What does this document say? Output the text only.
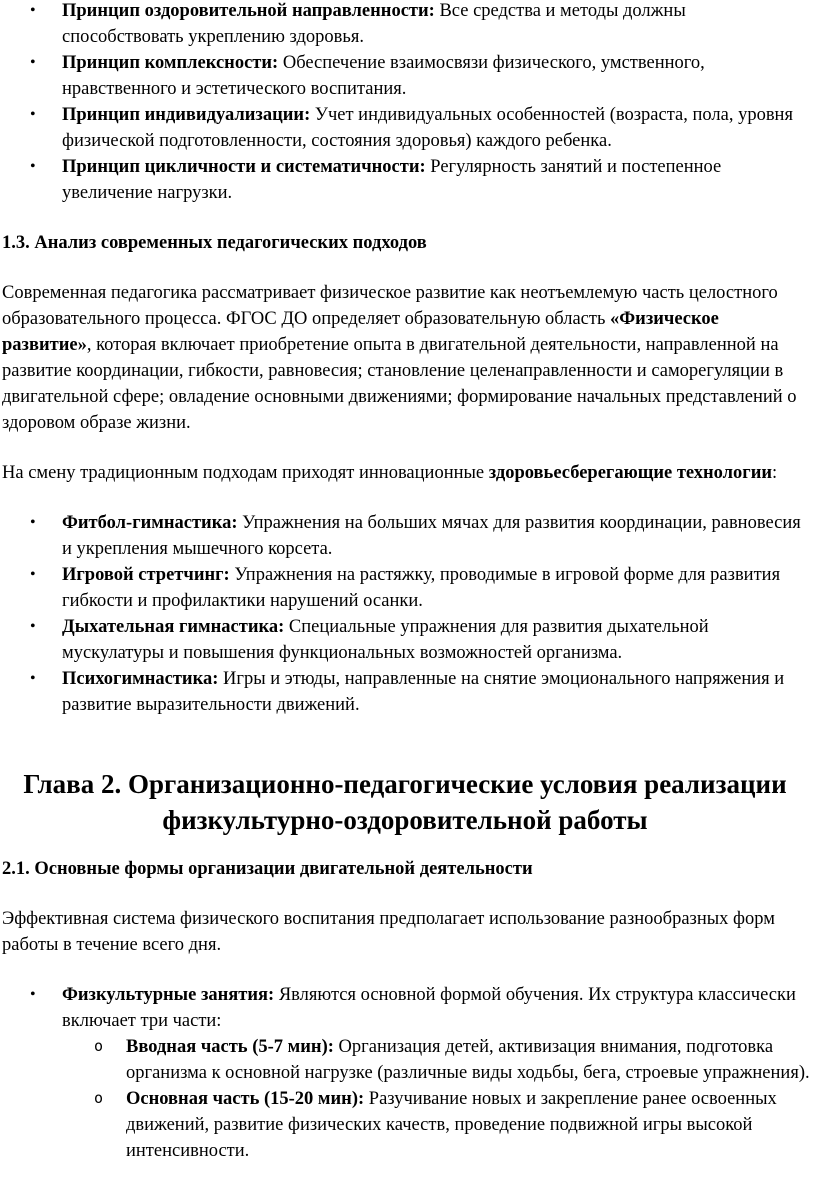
• Принцип оздоровительной направленности: Все средства и методы должны способствовать укреплению здоровья.
• Принцип комплексности: Обеспечение взаимосвязи физического, умственного, нравственного и эстетического воспитания.
• Принцип индивидуализации: Учет индивидуальных особенностей (возраста, пола, уровня физической подготовленности, состояния здоровья) каждого ребенка.
• Принцип цикличности и систематичности: Регулярность занятий и постепенное увеличение нагрузки.
1.3. Анализ современных педагогических подходов

Современная педагогика рассматривает физическое развитие как неотъемлемую часть целостного образовательного процесса. ФГОС ДО определяет образовательную область «Физическое развитие», которая включает приобретение опыта в двигательной деятельности, направленной на развитие координации, гибкости, равновесия; становление целенаправленности и саморегуляции в двигательной сфере; овладение основными движениями; формирование начальных представлений о здоровом образе жизни.

На смену традиционным подходам приходят инновационные здоровьесберегающие технологии:

• Фитбол-гимнастика: Упражнения на больших мячах для развития координации, равновесия и укрепления мышечного корсета.
• Игровой стретчинг: Упражнения на растяжку, проводимые в игровой форме для развития гибкости и профилактики нарушений осанки.
• Дыхательная гимнастика: Специальные упражнения для развития дыхательной мускулатуры и повышения функциональных возможностей организма.
• Психогимнастика: Игры и этюды, направленные на снятие эмоционального напряжения и развитие выразительности движений.
Глава 2. Организационно-педагогические условия реализации физкультурно-оздоровительной работы
2.1. Основные формы организации двигательной деятельности

Эффективная система физического воспитания предполагает использование разнообразных форм работы в течение всего дня.

• Физкультурные занятия: Являются основной формой обучения. Их структура классически включает три части:
o Вводная часть (5-7 мин): Организация детей, активизация внимания, подготовка организма к основной нагрузке (различные виды ходьбы, бега, строевые упражнения).
o Основная часть (15-20 мин): Разучивание новых и закрепление ранее освоенных движений, развитие физических качеств, проведение подвижной игры высокой интенсивности.
